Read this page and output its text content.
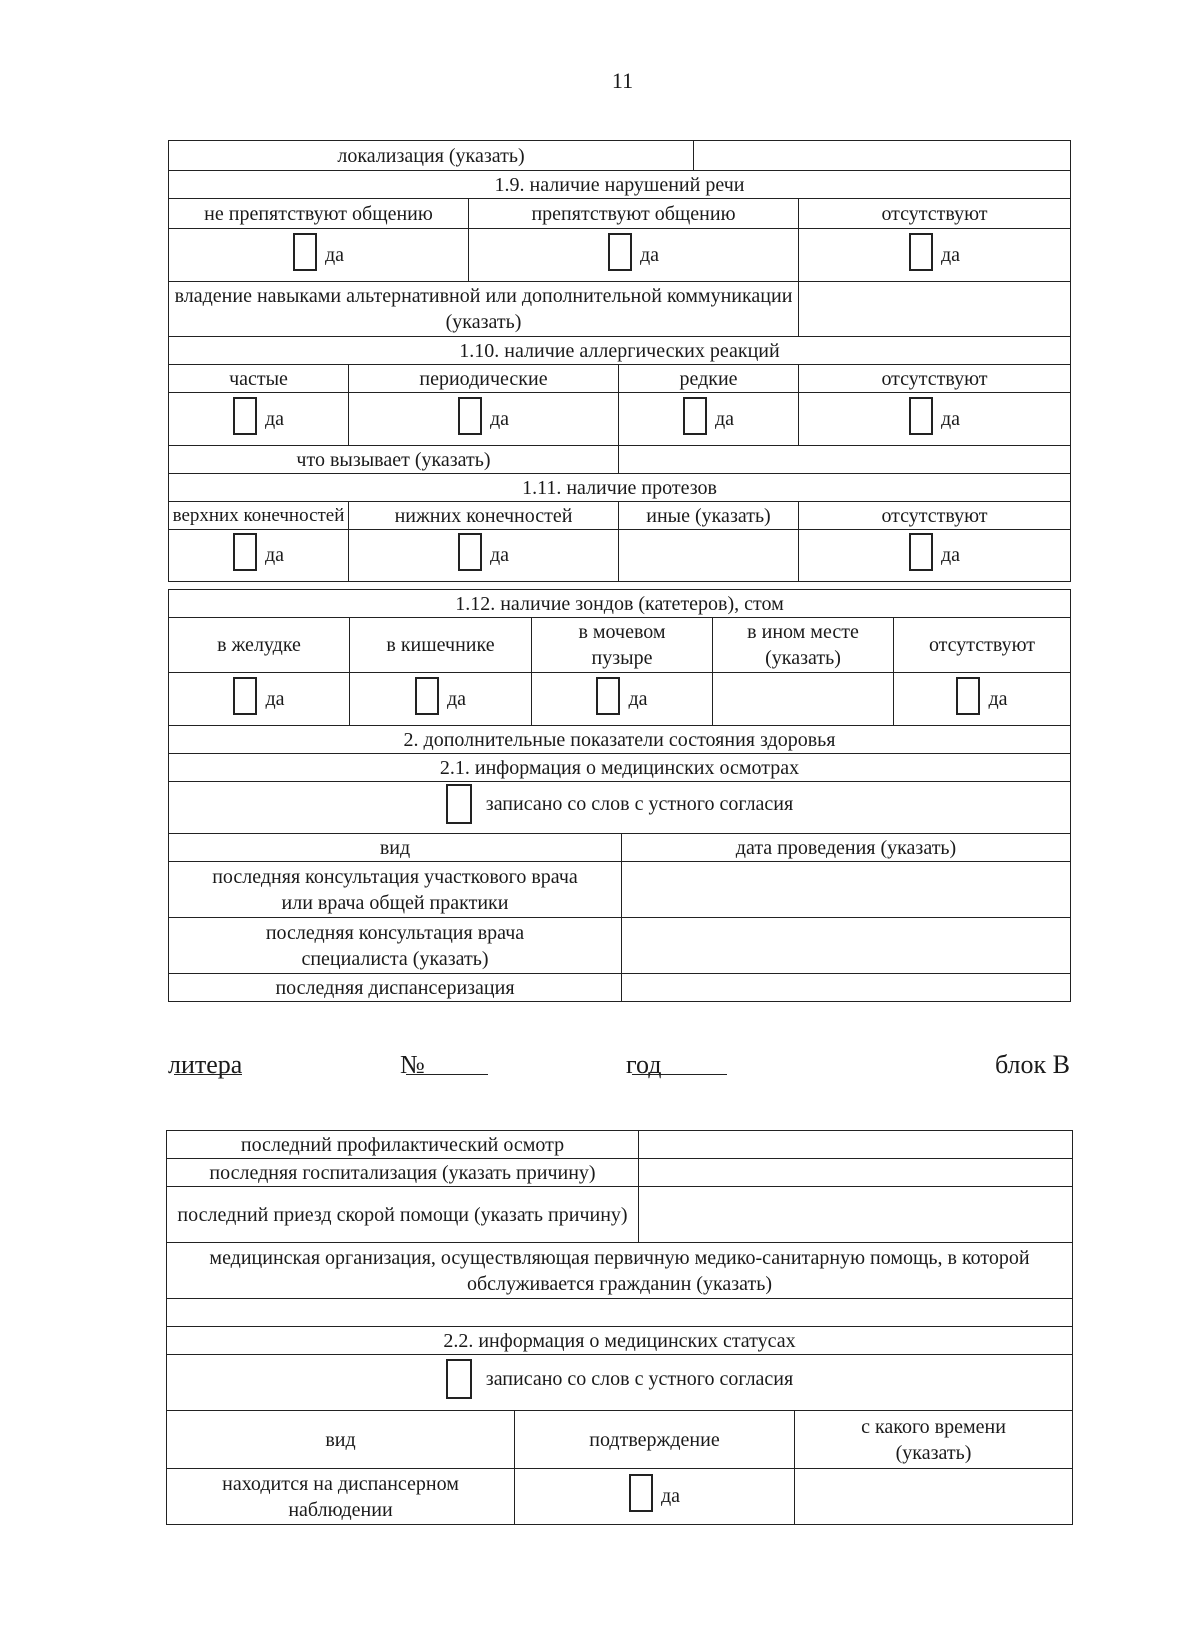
11
локализация (указать)					
1.9. наличие нарушений речи					
не препятствуют общению		препятствуют общению			отсутствуют

да		да			да

владение навыками альтернативной или дополнительной коммуникации (указать)					
1.10. наличие аллергических реакций					
частые	периодические		редкие		отсутствуют

да	да		да		да

что вызывает (указать)					
1.11. наличие протезов					
верхних конечностей	нижних конечностей		иные (указать)		отсутствуют

да	да				да
1.12. наличие зондов (катетеров), стом				
в желудке	в кишечнике	в мочевом пузыре	в ином месте (указать)	отсутствуют

да	да	да		да
2. дополнительные показатели состояния здоровья	
2.1. информация о медицинских осмотрах	

записано со слов с устного согласия	

вид	дата проведения (указать)
последняя консультация участкового врача или врача общей практики	
последняя консультация врача специалиста (указать)	
последняя диспансеризация	
литера	№	год	блок В
последний профилактический осмотр	
последняя госпитализация (указать причину)	
последний приезд скорой помощи (указать причину)	
медицинская организация, осуществляющая первичную медико-санитарную помощь, в которой обслуживается гражданин (указать)	

2.2. информация о медицинских статусах	

записано со слов с устного согласия	
вид	подтверждение	с какого времени (указать)
находится на диспансерном наблюдении	да	
